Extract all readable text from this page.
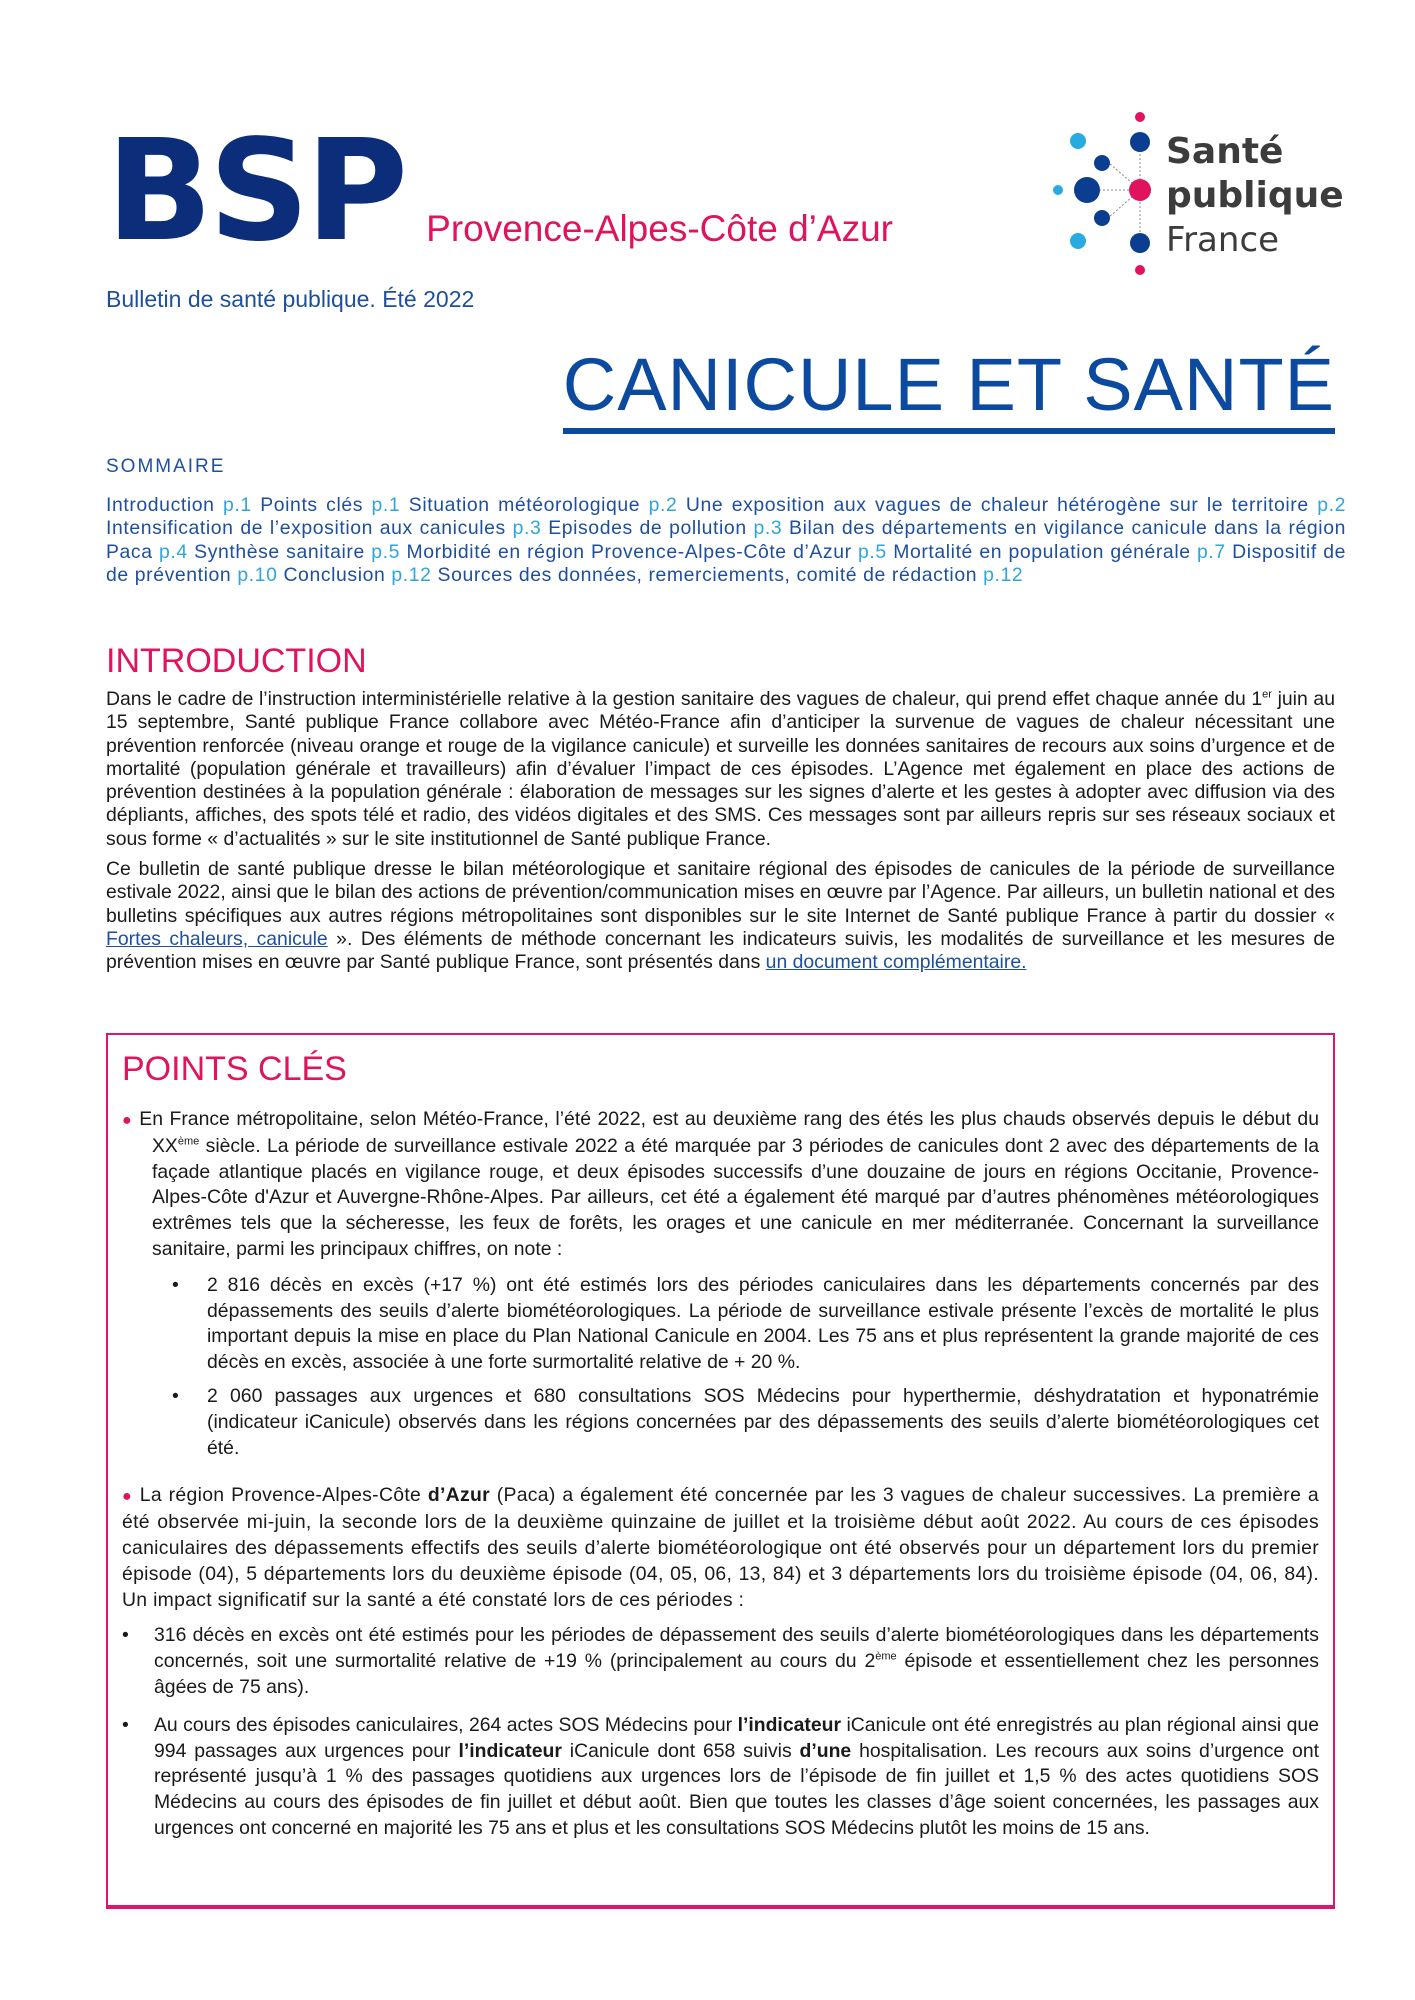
BSP Provence-Alpes-Côte d’Azur
Bulletin de santé publique. Été 2022
Santé
publique
France
CANICULE ET SANTÉ
SOMMAIRE
Introduction p.1 Points clés p.1 Situation météorologique p.2 Une exposition aux vagues de chaleur hétérogène sur le territoire p.2 Intensification de l’exposition aux canicules p.3 Episodes de pollution p.3 Bilan des départements en vigilance canicule dans la région Paca p.4 Synthèse sanitaire p.5 Morbidité en région Provence-Alpes-Côte d’Azur p.5 Mortalité en population générale p.7 Dispositif de de prévention p.10 Conclusion p.12 Sources des données, remerciements, comité de rédaction p.12
INTRODUCTION

Dans le cadre de l’instruction interministérielle relative à la gestion sanitaire des vagues de chaleur, qui prend effet chaque année du 1er juin au 15 septembre, Santé publique France collabore avec Météo-France afin d’anticiper la survenue de vagues de chaleur nécessitant une prévention renforcée (niveau orange et rouge de la vigilance canicule) et surveille les données sanitaires de recours aux soins d’urgence et de mortalité (population générale et travailleurs) afin d’évaluer l’impact de ces épisodes. L’Agence met également en place des actions de prévention destinées à la population générale : élaboration de messages sur les signes d’alerte et les gestes à adopter avec diffusion via des dépliants, affiches, des spots télé et radio, des vidéos digitales et des SMS. Ces messages sont par ailleurs repris sur ses réseaux sociaux et sous forme « d’actualités » sur le site institutionnel de Santé publique France.

Ce bulletin de santé publique dresse le bilan météorologique et sanitaire régional des épisodes de canicules de la période de surveillance estivale 2022, ainsi que le bilan des actions de prévention/communication mises en œuvre par l’Agence. Par ailleurs, un bulletin national et des bulletins spécifiques aux autres régions métropolitaines sont disponibles sur le site Internet de Santé publique France à partir du dossier « Fortes chaleurs, canicule ». Des éléments de méthode concernant les indicateurs suivis, les modalités de surveillance et les mesures de prévention mises en œuvre par Santé publique France, sont présentés dans un document complémentaire.

POINTS CLÉS
● En France métropolitaine, selon Météo-France, l’été 2022, est au deuxième rang des étés les plus chauds observés depuis le début du XXème siècle. La période de surveillance estivale 2022 a été marquée par 3 périodes de canicules dont 2 avec des départements de la façade atlantique placés en vigilance rouge, et deux épisodes successifs d’une douzaine de jours en régions Occitanie, Provence-Alpes-Côte d'Azur et Auvergne-Rhône-Alpes. Par ailleurs, cet été a également été marqué par d’autres phénomènes météorologiques extrêmes tels que la sécheresse, les feux de forêts, les orages et une canicule en mer méditerranée. Concernant la surveillance sanitaire, parmi les principaux chiffres, on note :
• 2 816 décès en excès (+17 %) ont été estimés lors des périodes caniculaires dans les départements concernés par des dépassements des seuils d’alerte biométéorologiques. La période de surveillance estivale présente l’excès de mortalité le plus important depuis la mise en place du Plan National Canicule en 2004. Les 75 ans et plus représentent la grande majorité de ces décès en excès, associée à une forte surmortalité relative de + 20 %.
• 2 060 passages aux urgences et 680 consultations SOS Médecins pour hyperthermie, déshydratation et hyponatrémie (indicateur iCanicule) observés dans les régions concernées par des dépassements des seuils d’alerte biométéorologiques cet été.
● La région Provence-Alpes-Côte d’Azur (Paca) a également été concernée par les 3 vagues de chaleur successives. La première a été observée mi-juin, la seconde lors de la deuxième quinzaine de juillet et la troisième début août 2022. Au cours de ces épisodes caniculaires des dépassements effectifs des seuils d’alerte biométéorologique ont été observés pour un département lors du premier épisode (04), 5 départements lors du deuxième épisode (04, 05, 06, 13, 84) et 3 départements lors du troisième épisode (04, 06, 84). Un impact significatif sur la santé a été constaté lors de ces périodes :
• 316 décès en excès ont été estimés pour les périodes de dépassement des seuils d’alerte biométéorologiques dans les départements concernés, soit une surmortalité relative de +19 % (principalement au cours du 2ème épisode et essentiellement chez les personnes âgées de 75 ans).
• Au cours des épisodes caniculaires, 264 actes SOS Médecins pour l’indicateur iCanicule ont été enregistrés au plan régional ainsi que 994 passages aux urgences pour l’indicateur iCanicule dont 658 suivis d’une hospitalisation. Les recours aux soins d’urgence ont représenté jusqu’à 1 % des passages quotidiens aux urgences lors de l’épisode de fin juillet et 1,5 % des actes quotidiens SOS Médecins au cours des épisodes de fin juillet et début août. Bien que toutes les classes d’âge soient concernées, les passages aux urgences ont concerné en majorité les 75 ans et plus et les consultations SOS Médecins plutôt les moins de 15 ans.
